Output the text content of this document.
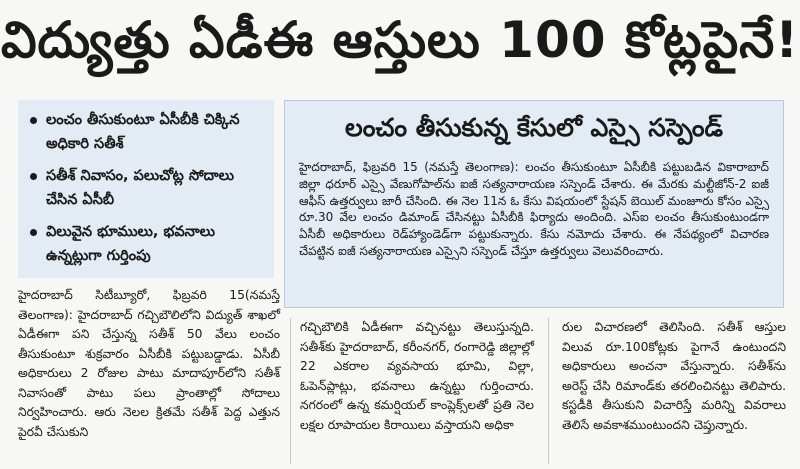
విద్యుత్తు ఏడీఈ ఆస్తులు 100 కోట్లపైనే!
లంచం తీసుకుంటూ ఏసీబీకి చిక్కిన అధికారి సతీశ్
సతీశ్ నివాసం, పలుచోట్ల సోదాలు చేసిన ఏసీబీ
విలువైన భూములు, భవనాలు ఉన్నట్లుగా గుర్తింపు
లంచం తీసుకున్న కేసులో ఎస్సై సస్పెండ్
హైదరాబాద్, ఫిబ్రవరి 15 (నమస్తే తెలంగాణ): లంచం తీసుకుంటూ ఏసీబీకి పట్టుబడిన వికారాబాద్ జిల్లా ధరూర్ ఎస్సై వేణుగోపాల్‌ను ఐజీ సత్యనారాయణ సస్పెండ్ చేశారు. ఈ మేరకు మల్టీజోన్-2 ఐజీ ఆఫీస్ ఉత్తర్వులు జారీ చేసింది. ఈ నెల 11న ఓ కేసు విషయంలో స్టేషన్ బెయిల్ మంజూరు కోసం ఎస్సై రూ.30 వేల లంచం డిమాండ్ చేసినట్టు ఏసీబీకి ఫిర్యాదు అందింది. ఎస్ఐ లంచం తీసుకుంటుండగా ఏసీబీ అధికారులు రెడ్‌హ్యాండెడ్‌గా పట్టుకున్నారు. కేసు నమోదు చేశారు. ఈ నేపథ్యంలో విచారణ చేపట్టిన ఐజీ సత్యనారాయణ ఎస్సైని సస్పెండ్ చేస్తూ ఉత్తర్వులు వెలువరించారు.
హైదరాబాద్ సిటీబ్యూరో, ఫిబ్రవరి 15(నమస్తే తెలంగాణ): హైదరాబాద్ గచ్చిబౌలిలోని విద్యుత్ శాఖలో ఏడీఈగా పని చేస్తున్న సతీశ్ 50 వేలు లంచం తీసుకుంటూ శుక్రవారం ఏసీబీకి పట్టుబడ్డాడు. ఏసీబీ అధికారులు 2 రోజుల పాటు మాదాపూర్‌లోని సతీశ్ నివాసంతో పాటు పలు ప్రాంతాల్లో సోదాలు నిర్వహించారు. ఆరు నెలల క్రితమే సతీశ్ పెద్ద ఎత్తున పైరవీ చేసుకుని
గచ్చిబౌలికి ఏడీఈగా వచ్చినట్టు తెలుస్తున్నది. సతీశ్‌కు హైదరాబాద్, కరీంనగర్, రంగారెడ్డి జిల్లాల్లో 22 ఎకరాల వ్యవసాయ భూమి, విల్లా, ఓపెన్‌ప్లాట్లు, భవనాలు ఉన్నట్టు గుర్తించారు. నగరంలో ఉన్న కమర్షియల్ కాంప్లెక్స్‌లతో ప్రతి నెల లక్షల రూపాయల కిరాయిలు వస్తాయని అధికా
రుల విచారణలో తెలిసింది. సతీశ్ ఆస్తుల విలువ రూ.100కోట్లకు పైగానే ఉంటుందని అధికారులు అంచనా వేస్తున్నారు. సతీశ్‌ను అరెస్ట్ చేసి రిమాండ్‌కు తరలించినట్టు తెలిపారు. కస్టడీకి తీసుకుని విచారిస్తే మరిన్ని వివరాలు తెలిసే అవకాశముంటుందని చెప్తున్నారు.
